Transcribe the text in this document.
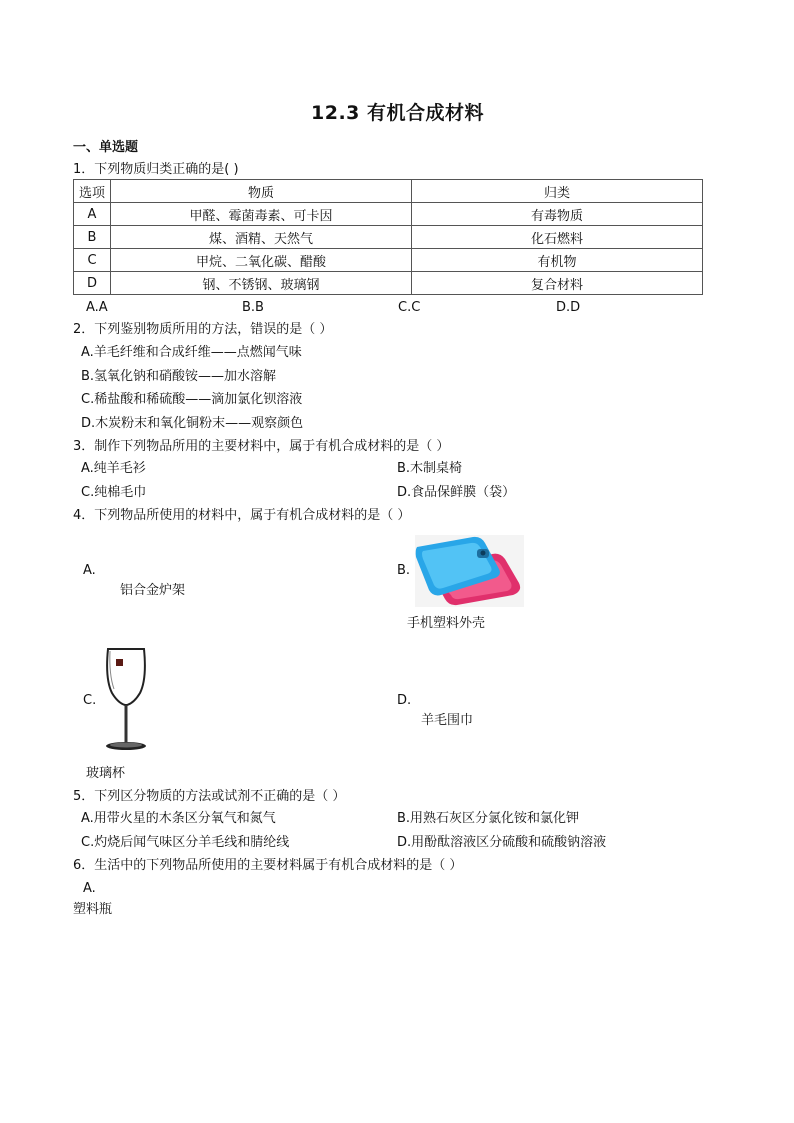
12.3 有机合成材料
一、单选题
1．下列物质归类正确的是( )
选项	物质	归类
A	甲醛、霉菌毒素、可卡因	有毒物质
B	煤、酒精、天然气	化石燃料
C	甲烷、二氧化碳、醋酸	有机物
D	钢、不锈钢、玻璃钢	复合材料
A.A	B.B	C.C	D.D
2．下列鉴别物质所用的方法，错误的是（ ）
A.羊毛纤维和合成纤维——点燃闻气味
B.氢氧化钠和硝酸铵——加水溶解
C.稀盐酸和稀硫酸——滴加氯化钡溶液
D.木炭粉末和氧化铜粉末——观察颜色
3．制作下列物品所用的主要材料中，属于有机合成材料的是（ ）
A.纯羊毛衫	B.木制桌椅
C.纯棉毛巾	D.食品保鲜膜（袋）
4．下列物品所使用的材料中，属于有机合成材料的是（ ）
A.
铝合金炉架
B.
手机塑料外壳
C.
玻璃杯
D.
羊毛围巾
5．下列区分物质的方法或试剂不正确的是（ ）
A.用带火星的木条区分氧气和氮气	B.用熟石灰区分氯化铵和氯化钾
C.灼烧后闻气味区分羊毛线和腈纶线	D.用酚酞溶液区分硫酸和硫酸钠溶液
6．生活中的下列物品所使用的主要材料属于有机合成材料的是（ ）
A.
塑料瓶
